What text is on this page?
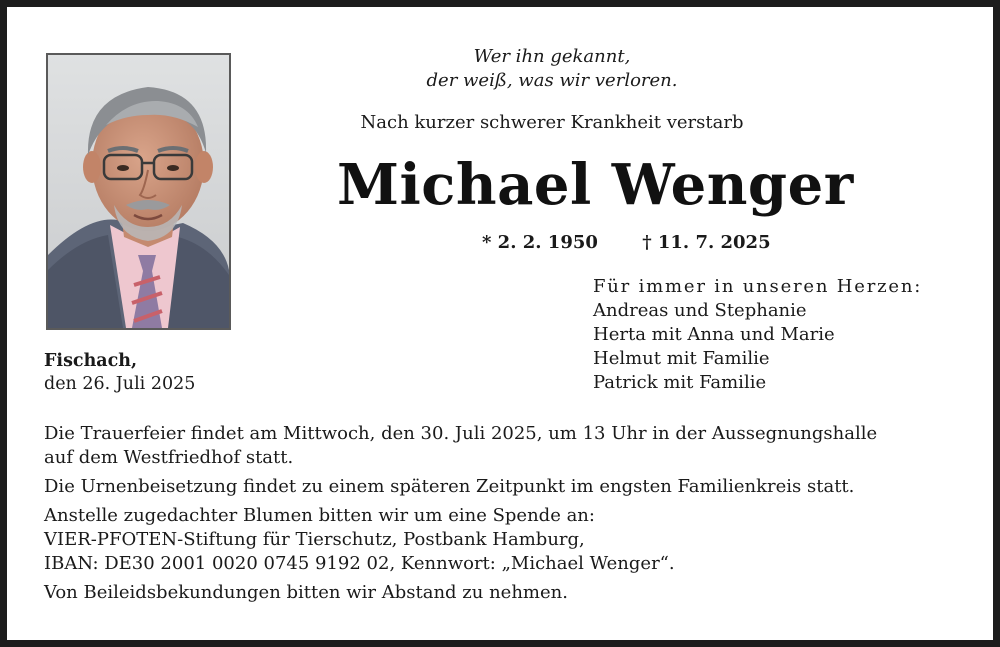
Wer ihn gekannt,
der weiß, was wir verloren.
Nach kurzer schwerer Krankheit verstarb
Michael Wenger
* 2. 2. 1950 † 11. 7. 2025
Für immer in unseren Herzen:
Andreas und Stephanie
Herta mit Anna und Marie
Helmut mit Familie
Patrick mit Familie
Fischach,
den 26. Juli 2025
Die Trauerfeier findet am Mittwoch, den 30. Juli 2025, um 13 Uhr in der Aussegnungshalle
auf dem Westfriedhof statt.
Die Urnenbeisetzung findet zu einem späteren Zeitpunkt im engsten Familienkreis statt.
Anstelle zugedachter Blumen bitten wir um eine Spende an:
VIER-PFOTEN-Stiftung für Tierschutz, Postbank Hamburg,
IBAN: DE30 2001 0020 0745 9192 02, Kennwort: „Michael Wenger“.
Von Beileidsbekundungen bitten wir Abstand zu nehmen.
